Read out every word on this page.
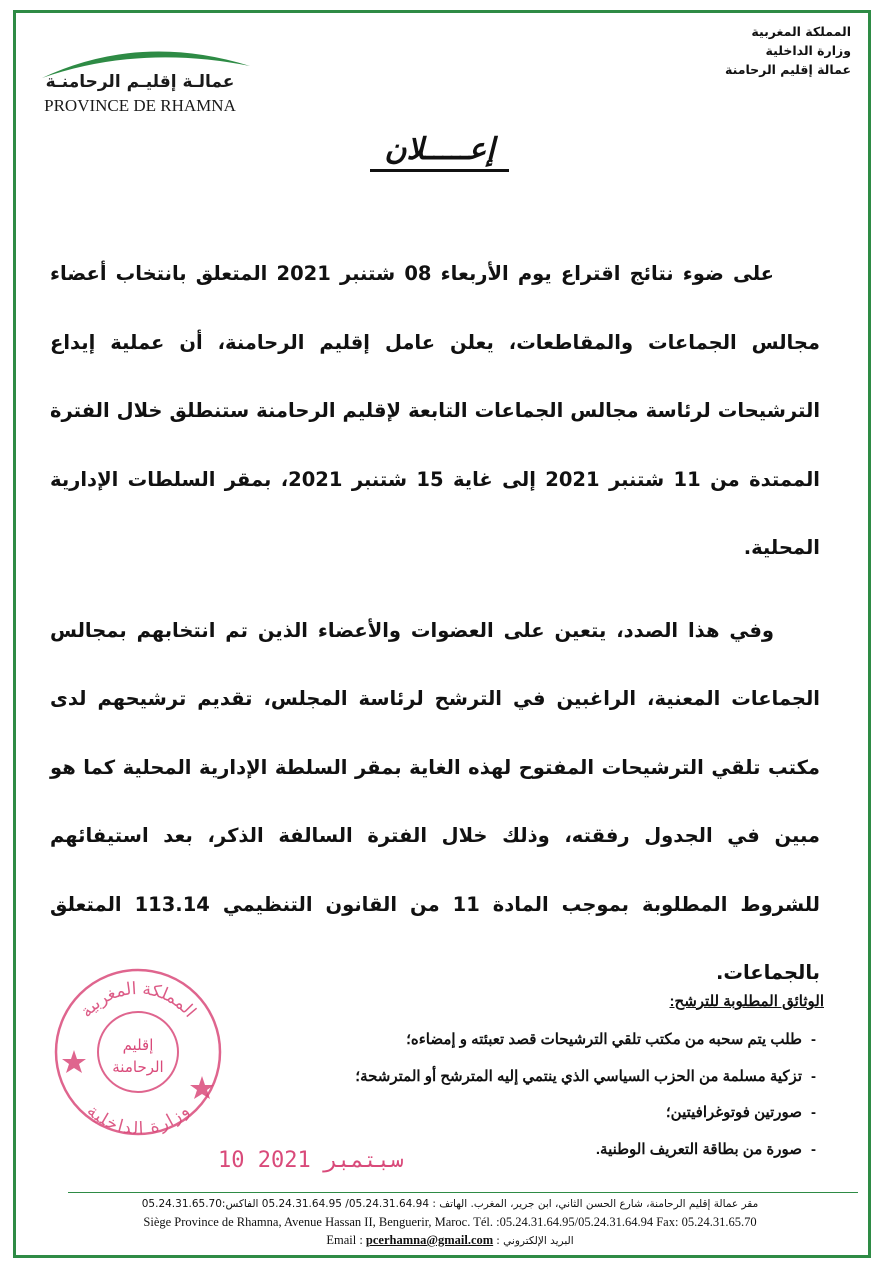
عمالـة إقليـم الرحامنـة
PROVINCE DE RHAMNA
المملكة المغربية
وزارة الداخلية
عمالة إقليم الرحامنة
إعـــــلان

على ضوء نتائج اقتراع يوم الأربعاء 08 شتنبر 2021 المتعلق بانتخاب أعضاء مجالس الجماعات والمقاطعات، يعلن عامل إقليم الرحامنة، أن عملية إيداع الترشيحات لرئاسة مجالس الجماعات التابعة لإقليم الرحامنة ستنطلق خلال الفترة الممتدة من 11 شتنبر 2021 إلى غاية 15 شتنبر 2021، بمقر السلطات الإدارية المحلية.

وفي هذا الصدد، يتعين على العضوات والأعضاء الذين تم انتخابهم بمجالس الجماعات المعنية، الراغبين في الترشح لرئاسة المجلس، تقديم ترشيحهم لدى مكتب تلقي الترشيحات المفتوح لهذه الغاية بمقر السلطة الإدارية المحلية كما هو مبين في الجدول رفقته، وذلك خلال الفترة السالفة الذكر، بعد استيفائهم للشروط المطلوبة بموجب المادة 11 من القانون التنظيمي 113.14 المتعلق بالجماعات.

الوثائق المطلوبة للترشح:
-
طلب يتم سحبه من مكتب تلقي الترشيحات قصد تعبئته و إمضاءه؛
-
تزكية مسلمة من الحزب السياسي الذي ينتمي إليه المترشح أو المترشحة؛
-
صورتين فوتوغرافيتين؛
-
صورة من بطاقة التعريف الوطنية.
المملكة المغربية
وزارة الداخلية
إقليم
الرحامنة
10 سبتمبر 2021
مقر عمالة إقليم الرحامنة، شارع الحسن الثاني، ابن جرير، المغرب. الهاتف : 05.24.31.64.94/ 05.24.31.64.95 الفاكس:05.24.31.65.70
Siège Province de Rhamna, Avenue Hassan II, Benguerir, Maroc. Tél. :05.24.31.64.95/05.24.31.64.94 Fax: 05.24.31.65.70
Email : pcerhamna@gmail.com : البريد الإلكتروني
